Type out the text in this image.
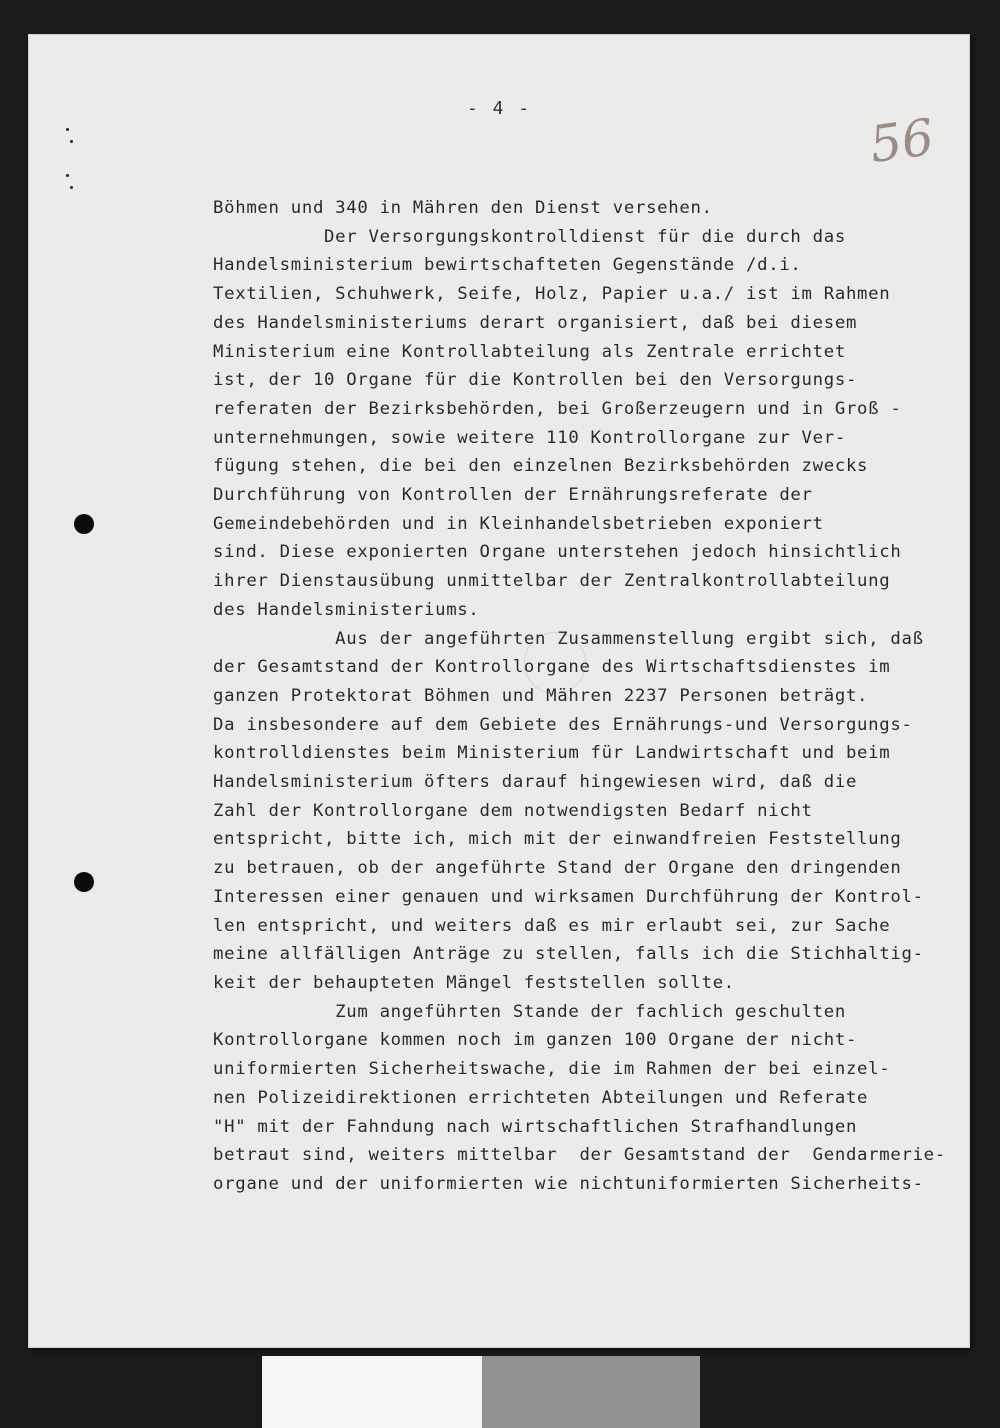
- 4 -	56
Böhmen und 340 in Mähren den Dienst versehen.
Der Versorgungskontrolldienst für die durch das
Handelsministerium bewirtschafteten Gegenstände /d.i.
Textilien, Schuhwerk, Seife, Holz, Papier u.a./ ist im Rahmen
des Handelsministeriums derart organisiert, daß bei diesem
Ministerium eine Kontrollabteilung als Zentrale errichtet
ist, der 10 Organe für die Kontrollen bei den Versorgungs-
referaten der Bezirksbehörden, bei Großerzeugern und in Groß -
unternehmungen, sowie weitere 110 Kontrollorgane zur Ver-
fügung stehen, die bei den einzelnen Bezirksbehörden zwecks
Durchführung von Kontrollen der Ernährungsreferate der
Gemeindebehörden und in Kleinhandelsbetrieben exponiert
sind. Diese exponierten Organe unterstehen jedoch hinsichtlich
ihrer Dienstausübung unmittelbar der Zentralkontrollabteilung
des Handelsministeriums.
Aus der angeführten Zusammenstellung ergibt sich, daß
der Gesamtstand der Kontrollorgane des Wirtschaftsdienstes im
ganzen Protektorat Böhmen und Mähren 2237 Personen beträgt.
Da insbesondere auf dem Gebiete des Ernährungs-und Versorgungs-
kontrolldienstes beim Ministerium für Landwirtschaft und beim
Handelsministerium öfters darauf hingewiesen wird, daß die
Zahl der Kontrollorgane dem notwendigsten Bedarf nicht
entspricht, bitte ich, mich mit der einwandfreien Feststellung
zu betrauen, ob der angeführte Stand der Organe den dringenden
Interessen einer genauen und wirksamen Durchführung der Kontrol-
len entspricht, und weiters daß es mir erlaubt sei, zur Sache
meine allfälligen Anträge zu stellen, falls ich die Stichhaltig-
keit der behaupteten Mängel feststellen sollte.
Zum angeführten Stande der fachlich geschulten
Kontrollorgane kommen noch im ganzen 100 Organe der nicht-
uniformierten Sicherheitswache, die im Rahmen der bei einzel-
nen Polizeidirektionen errichteten Abteilungen und Referate
"H" mit der Fahndung nach wirtschaftlichen Strafhandlungen
betraut sind, weiters mittelbar  der Gesamtstand der  Gendarmerie-
organe und der uniformierten wie nichtuniformierten Sicherheits-
